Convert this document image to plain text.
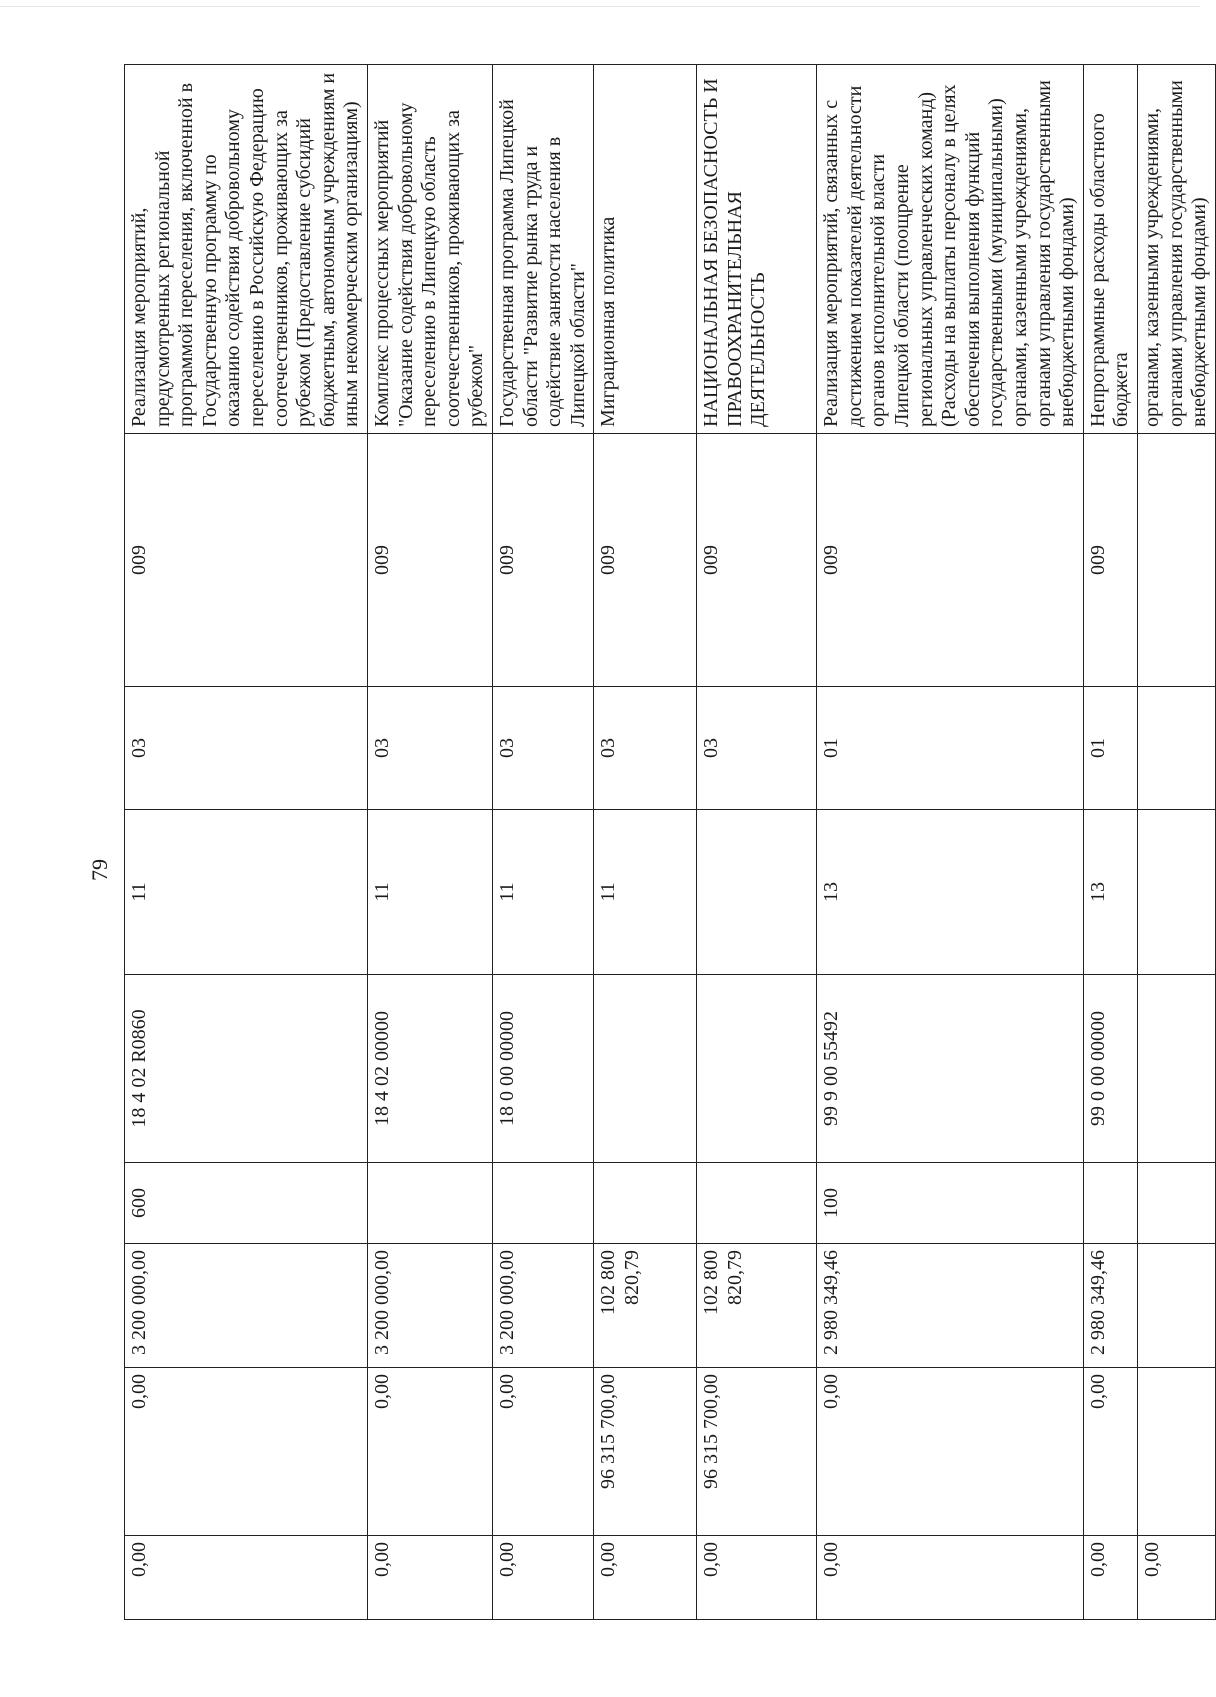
79
0,00	0,00	3 200 000,00	600	18 4 02 R0860	11	03	009	Реализация мероприятий, предусмотренных региональной программой переселения, включенной в Государственную программу по оказанию содействия добровольному переселению в Российскую Федерацию соотечественников, проживающих за рубежом (Предоставление субсидий бюджетным, автономным учреждениям и иным некоммерческим организациям)
0,00	0,00	3 200 000,00		18 4 02 00000	11	03	009	Комплекс процессных мероприятий "Оказание содействия добровольному переселению в Липецкую область соотечественников, проживающих за рубежом"
0,00	0,00	3 200 000,00		18 0 00 00000	11	03	009	Государственная программа Липецкой области "Развитие рынка труда и содействие занятости населения в Липецкой области"
0,00	96 315 700,00	102 800 820,79			11	03	009	Миграционная политика
0,00	96 315 700,00	102 800 820,79				03	009	НАЦИОНАЛЬНАЯ БЕЗОПАСНОСТЬ И ПРАВООХРАНИТЕЛЬНАЯ ДЕЯТЕЛЬНОСТЬ
0,00	0,00	2 980 349,46	100	99 9 00 55492	13	01	009	Реализация мероприятий, связанных с достижением показателей деятельности органов исполнительной власти Липецкой области (поощрение региональных управленческих команд) (Расходы на выплаты персоналу в целях обеспечения выполнения функций государственными (муниципальными) органами, казенными учреждениями, органами управления государственными внебюджетными фондами)
0,00	0,00	2 980 349,46		99 0 00 00000	13	01	009	Непрограммные расходы областного бюджета
0,00								органами, казенными учреждениями, органами управления государственными внебюджетными фондами)
